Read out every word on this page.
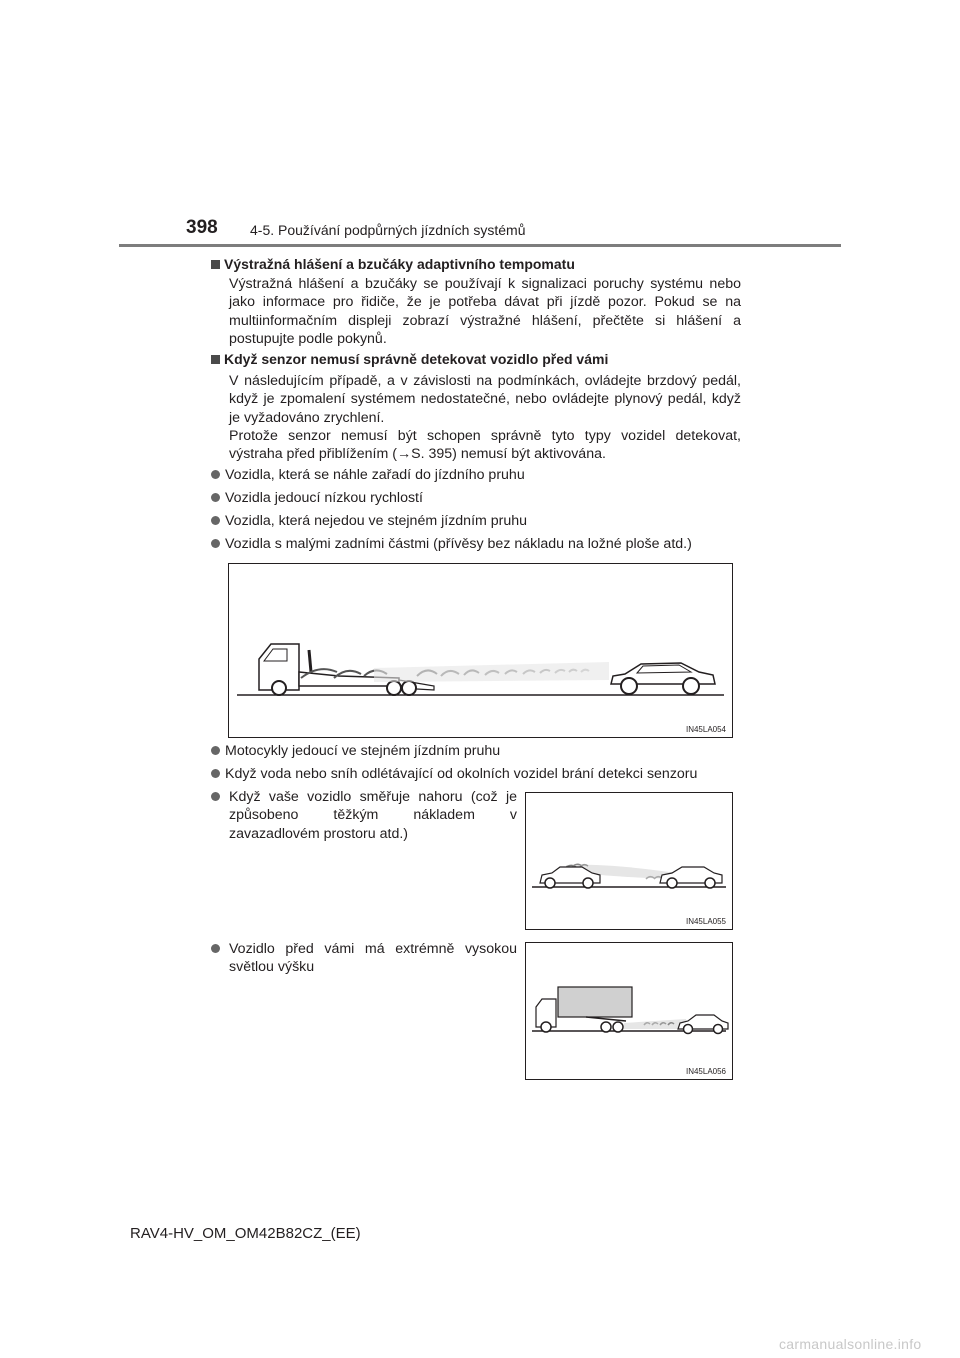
398 4-5. Používání podpůrných jízdních systémů
Výstražná hlášení a bzučáky adaptivního tempomatu
Výstražná hlášení a bzučáky se používají k signalizaci poruchy systému nebo jako informace pro řidiče, že je potřeba dávat při jízdě pozor. Pokud se na multiinformačním displeji zobrazí výstražné hlášení, přečtěte si hlášení a postupujte podle pokynů.
Když senzor nemusí správně detekovat vozidlo před vámi
V následujícím případě, a v závislosti na podmínkách, ovládejte brzdový pedál, když je zpomalení systémem nedostatečné, nebo ovládejte plynový pedál, když je vyžadováno zrychlení.
Protože senzor nemusí být schopen správně tyto typy vozidel detekovat, výstraha před přiblížením (→S. 395) nemusí být aktivována.
Vozidla, která se náhle zařadí do jízdního pruhu
Vozidla jedoucí nízkou rychlostí
Vozidla, která nejedou ve stejném jízdním pruhu
Vozidla s malými zadními částmi (přívěsy bez nákladu na ložné ploše atd.)
IN45LA054
Motocykly jedoucí ve stejném jízdním pruhu
Když voda nebo sníh odlétávající od okolních vozidel brání detekci senzoru
Když vaše vozidlo směřuje nahoru (což je způsobeno těžkým nákladem v zavazadlovém prostoru atd.)
IN45LA055
Vozidlo před vámi má extrémně vysokou světlou výšku
IN45LA056
RAV4-HV_OM_OM42B82CZ_(EE)
carmanualsonline.info
